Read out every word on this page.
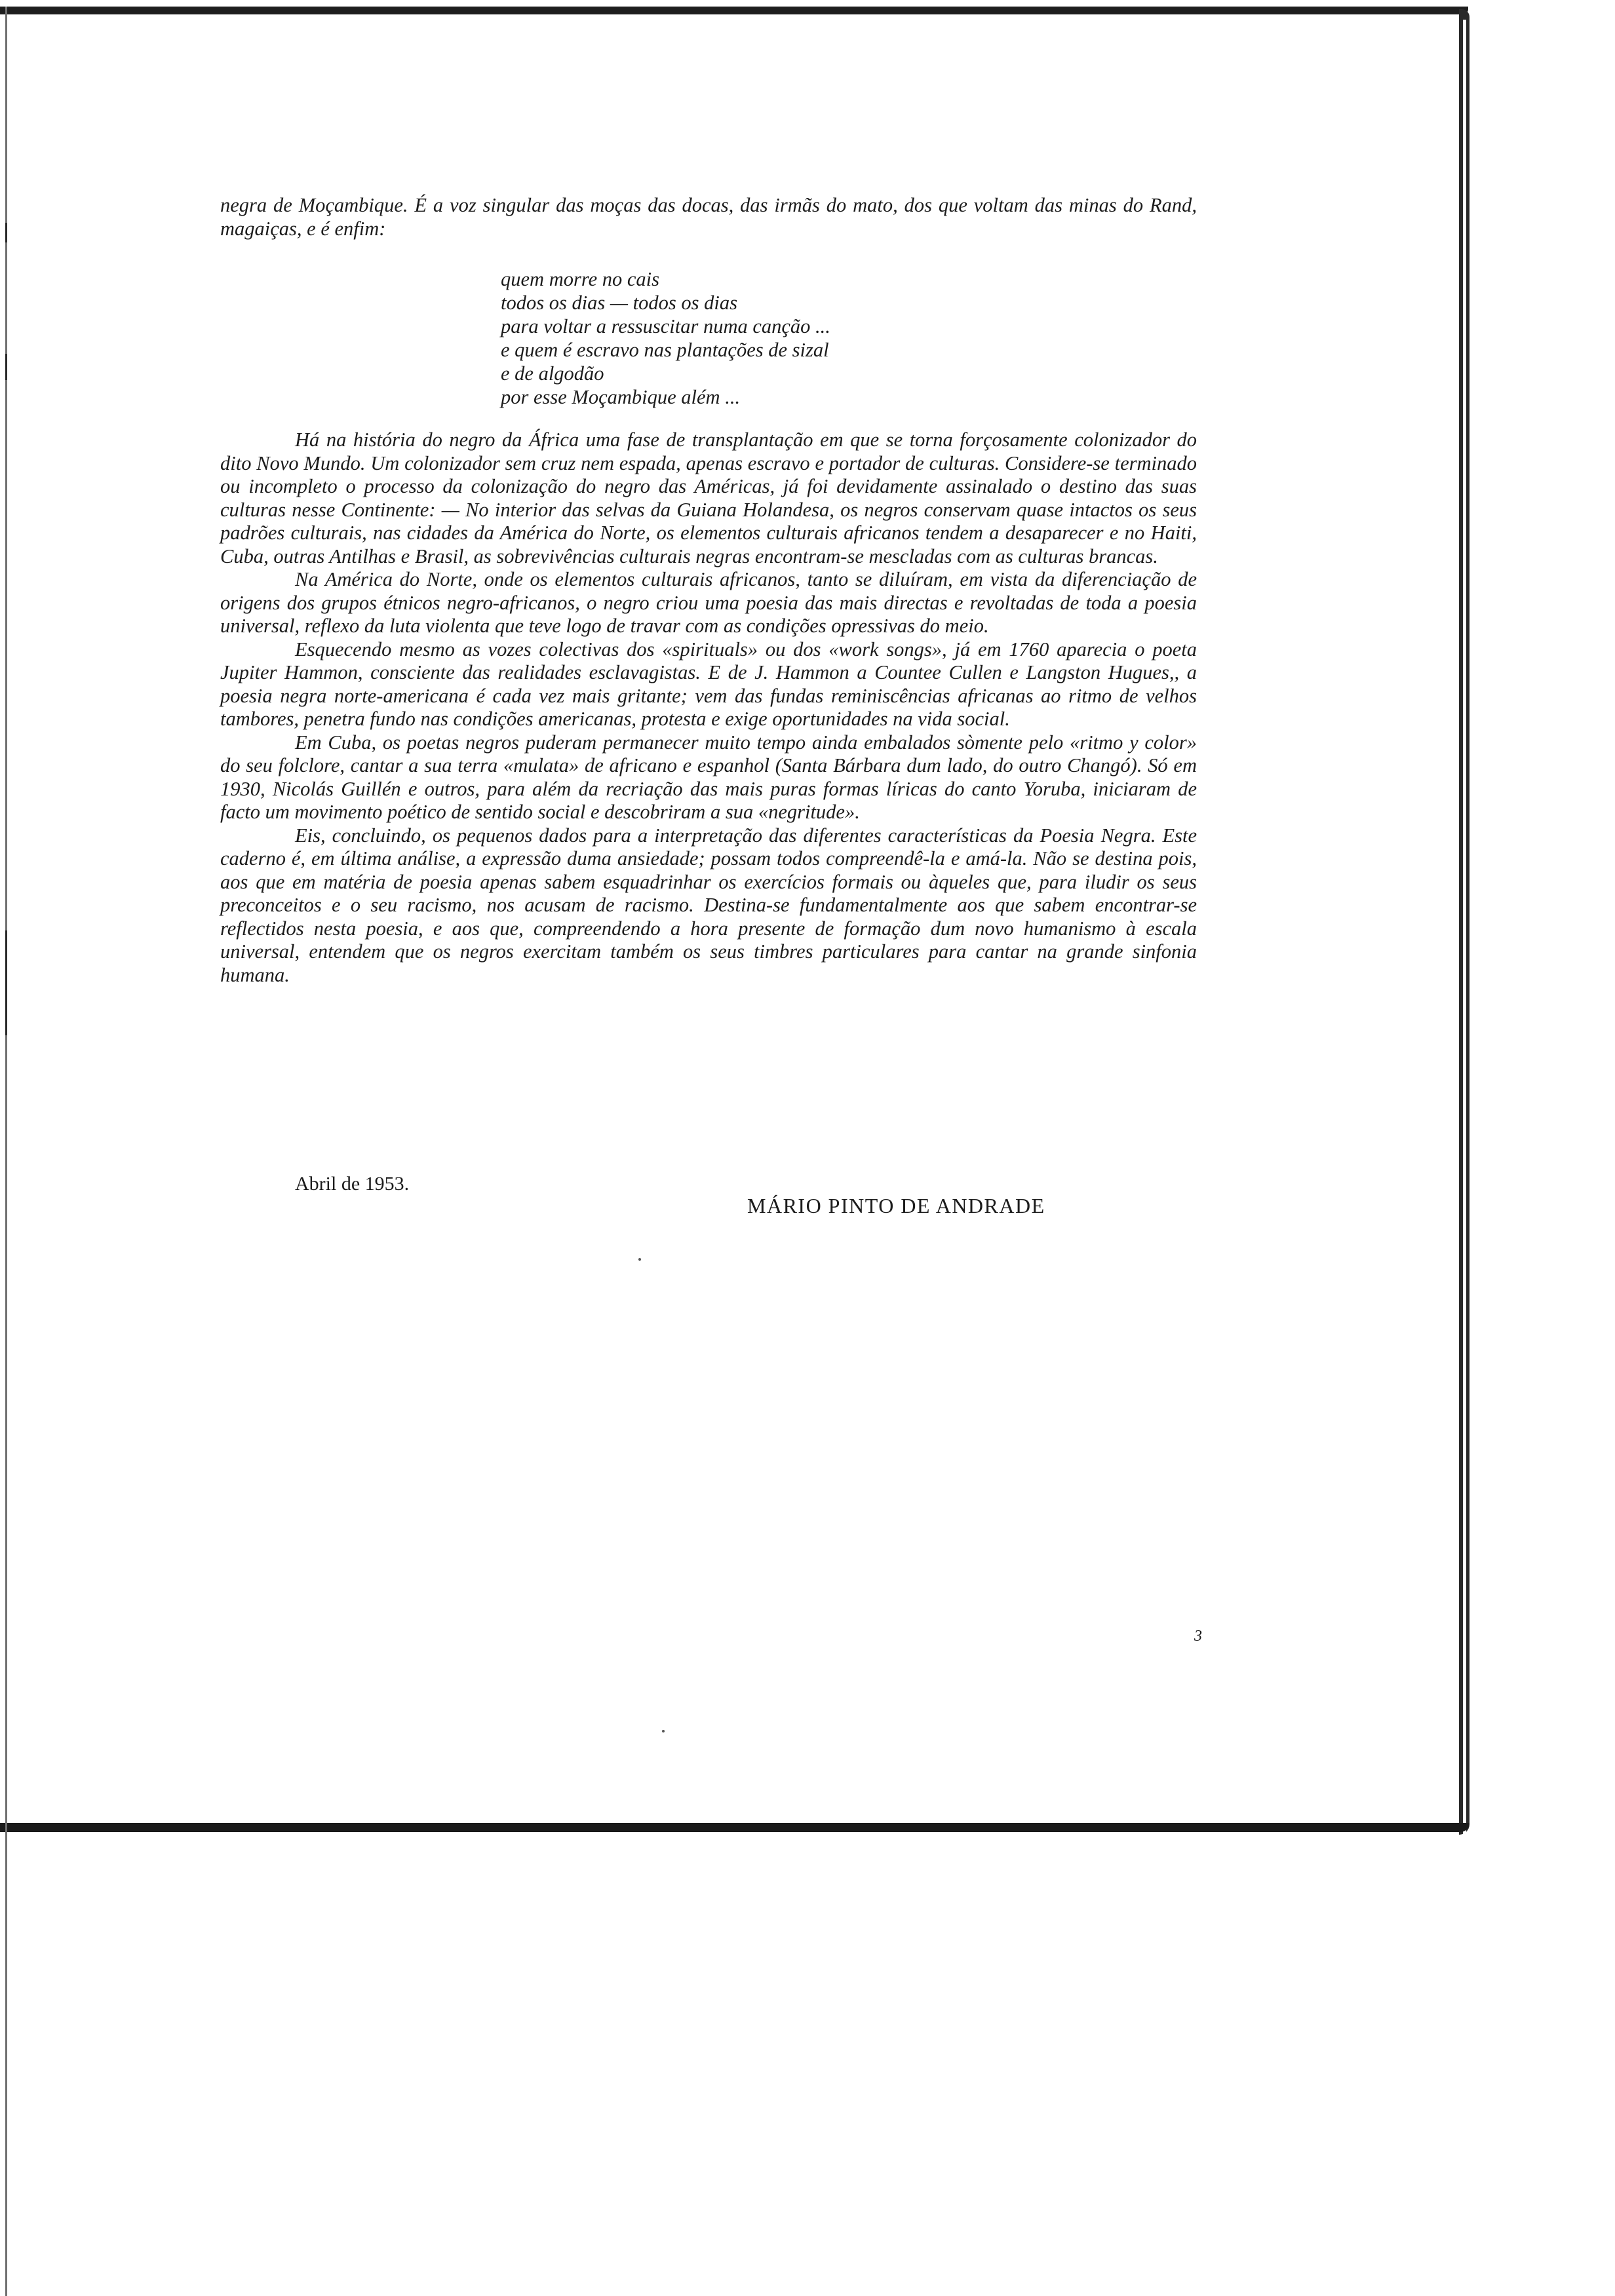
negra de Moçambique. É a voz singular das moças das docas, das irmãs do mato, dos que voltam das minas do Rand, magaiças, e é enfim:

quem morre no cais
todos os dias — todos os dias
para voltar a ressuscitar numa canção ...
e quem é escravo nas plantações de sizal
e de algodão
por esse Moçambique além ...

Há na história do negro da África uma fase de transplantação em que se torna forçosamente colonizador do dito Novo Mundo. Um colonizador sem cruz nem espada, apenas escravo e portador de culturas. Considere-se terminado ou incompleto o processo da colonização do negro das Américas, já foi devidamente assinalado o destino das suas culturas nesse Continente: — No interior das selvas da Guiana Holandesa, os negros conservam quase intactos os seus padrões culturais, nas cidades da América do Norte, os elementos culturais africanos tendem a desaparecer e no Haiti, Cuba, outras Antilhas e Brasil, as sobrevivências culturais negras encontram-se mescladas com as culturas brancas.

Na América do Norte, onde os elementos culturais africanos, tanto se diluíram, em vista da diferenciação de origens dos grupos étnicos negro-africanos, o negro criou uma poesia das mais directas e revoltadas de toda a poesia universal, reflexo da luta violenta que teve logo de travar com as condições opressivas do meio.

Esquecendo mesmo as vozes colectivas dos «spirituals» ou dos «work songs», já em 1760 aparecia o poeta Jupiter Hammon, consciente das realidades esclavagistas. E de J. Hammon a Countee Cullen e Langston Hugues,, a poesia negra norte-americana é cada vez mais gritante; vem das fundas reminiscências africanas ao ritmo de velhos tambores, penetra fundo nas condições americanas, protesta e exige oportunidades na vida social.

Em Cuba, os poetas negros puderam permanecer muito tempo ainda embalados sòmente pelo «ritmo y color» do seu folclore, cantar a sua terra «mulata» de africano e espanhol (Santa Bárbara dum lado, do outro Changó). Só em 1930, Nicolás Guillén e outros, para além da recriação das mais puras formas líricas do canto Yoruba, iniciaram de facto um movimento poético de sentido social e descobriram a sua «negritude».

Eis, concluindo, os pequenos dados para a interpretação das diferentes características da Poesia Negra. Este caderno é, em última análise, a expressão duma ansiedade; possam todos compreendê-la e amá-la. Não se destina pois, aos que em matéria de poesia apenas sabem esquadrinhar os exercícios formais ou àqueles que, para iludir os seus preconceitos e o seu racismo, nos acusam de racismo. Destina-se fundamentalmente aos que sabem encontrar-se reflectidos nesta poesia, e aos que, compreendendo a hora presente de formação dum novo humanismo à escala universal, entendem que os negros exercitam também os seus timbres particulares para cantar na grande sinfonia humana.

Abril de 1953.

MÁRIO PINTO DE ANDRADE

3
